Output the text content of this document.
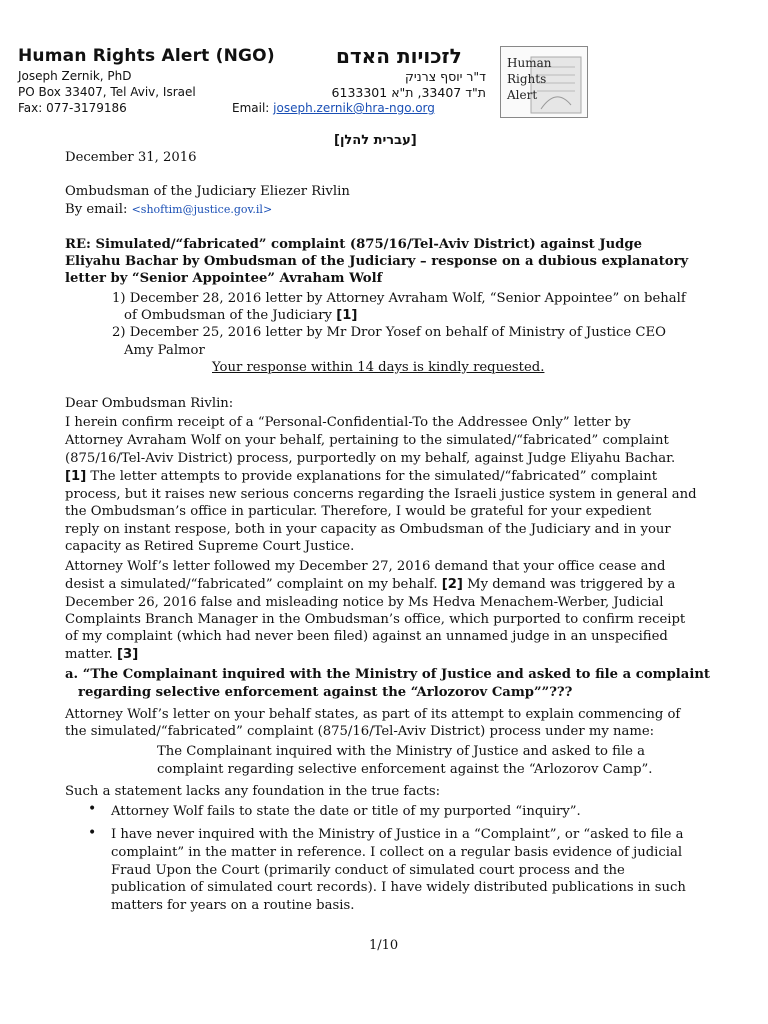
Human Rights Alert (NGO)	לזכויות האדם
Joseph Zernik, PhD	ד"ר יוסף צרניק
PO Box 33407, Tel Aviv, Israel	ת"ד 33407, ת"א 6133301
Fax: 077-3179186	Email: joseph.zernik@hra-ngo.org
Human
Rights
Alert
[עברית להלן]
December 31, 2016
Ombudsman of the Judiciary Eliezer Rivlin
By email: <shoftim@justice.gov.il>
RE: Simulated/“fabricated” complaint (875/16/Tel-Aviv District) against Judge
Eliyahu Bachar by Ombudsman of the Judiciary – response on a dubious explanatory
letter by “Senior Appointee” Avraham Wolf
1) December 28, 2016 letter by Attorney Avraham Wolf, “Senior Appointee” on behalf
of Ombudsman of the Judiciary [1]
2) December 25, 2016 letter by Mr Dror Yosef on behalf of Ministry of Justice CEO
Amy Palmor
Your response within 14 days is kindly requested.
Dear Ombudsman Rivlin:
I herein confirm receipt of a “Personal-Confidential-To the Addressee Only” letter by
Attorney Avraham Wolf on your behalf, pertaining to the simulated/“fabricated” complaint
(875/16/Tel-Aviv District) process, purportedly on my behalf, against Judge Eliyahu Bachar.
[1] The letter attempts to provide explanations for the simulated/“fabricated” complaint
process, but it raises new serious concerns regarding the Israeli justice system in general and
the Ombudsman’s office in particular. Therefore, I would be grateful for your expedient
reply on instant respose, both in your capacity as Ombudsman of the Judiciary and in your
capacity as Retired Supreme Court Justice.
Attorney Wolf’s letter followed my December 27, 2016 demand that your office cease and
desist a simulated/“fabricated” complaint on my behalf. [2] My demand was triggered by a
December 26, 2016 false and misleading notice by Ms Hedva Menachem-Werber, Judicial
Complaints Branch Manager in the Ombudsman’s office, which purported to confirm receipt
of my complaint (which had never been filed) against an unnamed judge in an unspecified
matter. [3]
a. “The Complainant inquired with the Ministry of Justice and asked to file a complaint
regarding selective enforcement against the “Arlozorov Camp””???
Attorney Wolf’s letter on your behalf states, as part of its attempt to explain commencing of
the simulated/“fabricated” complaint (875/16/Tel-Aviv District) process under my name:
The Complainant inquired with the Ministry of Justice and asked to file a
complaint regarding selective enforcement against the “Arlozorov Camp”.
Such a statement lacks any foundation in the true facts:
• Attorney Wolf fails to state the date or title of my purported “inquiry”.
• I have never inquired with the Ministry of Justice in a “Complaint”, or “asked to file a
complaint” in the matter in reference. I collect on a regular basis evidence of judicial
Fraud Upon the Court (primarily conduct of simulated court process and the
publication of simulated court records). I have widely distributed publications in such
matters for years on a routine basis.
1/10
